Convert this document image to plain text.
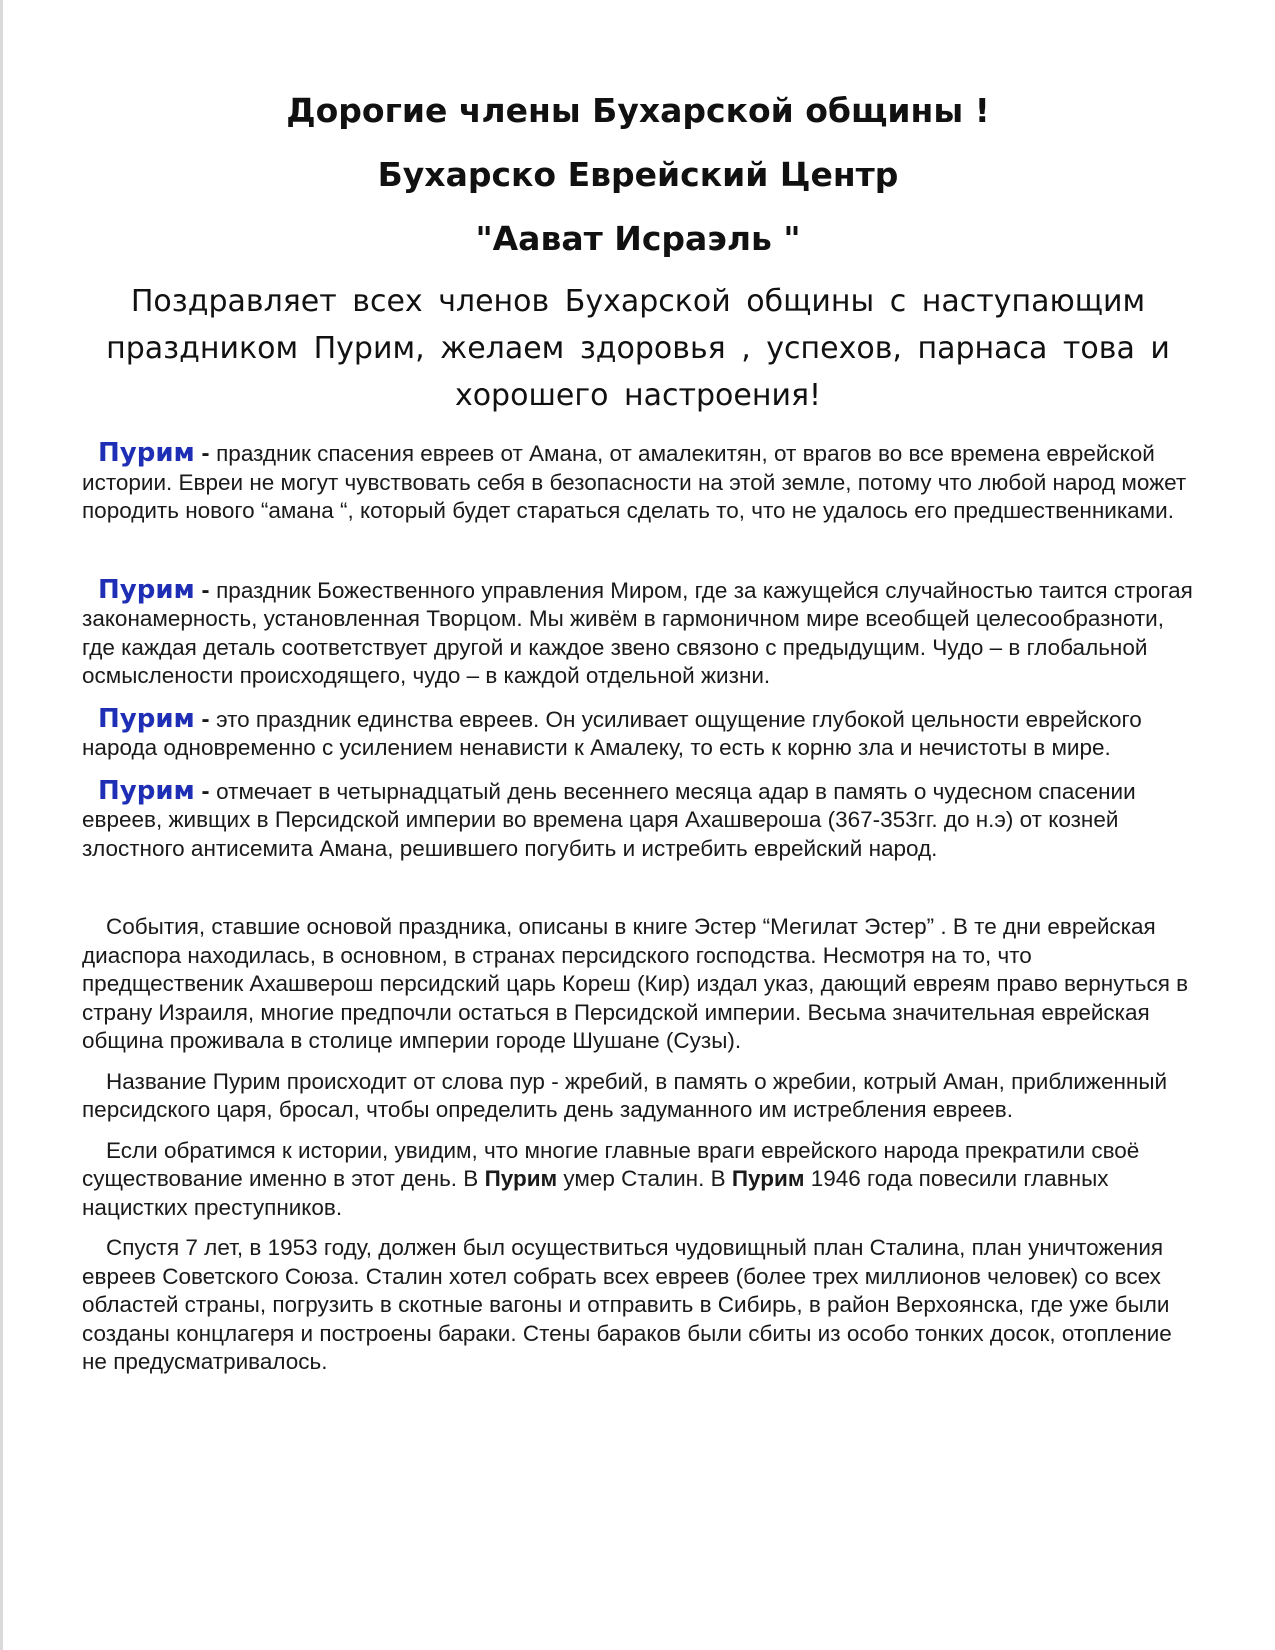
Дорогие члены Бухарской общины !
Бухарско Еврейский Центр
"Аават Исраэль "

Поздравляет всех членов Бухарской общины с наступающим праздником Пурим, желаем здоровья , успехов, парнаса това и хорошего настроения!

Пурим - праздник спасения евреев от Амана, от амалекитян, от врагов во все времена еврейской истории. Евреи не могут чувствовать себя в безопасности на этой земле, потому что любой народ может породить нового “амана “, который будет стараться сделать то, что не удалось его предшественниками.

Пурим - праздник Божественного управления Миром, где за кажущейся случайностью таится строгая законамерность, установленная Творцом. Мы живём в гармоничном мире всеобщей целесообразноти, где каждая деталь соответствует другой и каждое звено связоно с предыдущим. Чудо – в глобальной осмысленоcти происходящего, чудо – в каждой отдельной жизни.

Пурим - это праздник единства евреев. Он усиливает ощущение глубокой цельности еврейского народа одновременно с усилением ненависти к Амалеку, то есть к корню зла и нечистоты в мире.

Пурим - отмечает в четырнадцатый день весеннего месяца адар в память о чудесном спасении евреев, живщих в Персидской империи во времена царя Ахашвероша (367-353гг. до н.э) от козней злостного антисемита Амана, решившего погубить и истребить еврейский народ.

События, ставшие основой праздника, описаны в книге Эстер “Мегилат Эстер” . В те дни еврейская диаспора находилась, в основном, в странах персидского господства. Несмотря на то, что предщественик Ахашверош персидский царь Кореш (Кир) издал указ, дающий евреям право вернуться в страну Израиля, многие предпочли остаться в Персидской империи. Весьма значительная еврейская община проживала в столице империи городе Шушане (Сузы).

Название Пурим происходит от слова пур - жребий, в память о жребии, котрый Аман, приближенный персидского царя, бросал, чтобы определить день задуманного им истребления евреев.

Если обратимся к истории, увидим, что многие главные враги еврейского народа прекратили своё существование именно в этот день. В Пурим умер Сталин. В Пурим 1946 года повесили главных нацистких преступников.

Спустя 7 лет, в 1953 году, должен был осуществиться чудовищный план Сталина, план уничтожения евреев Советского Союза. Сталин хотел собрать всех евреев (более трех миллионов человек) со всех областей страны, погрузить в скотные вагоны и отправить в Сибирь, в район Верхоянска, где уже были созданы концлагеря и построены бараки. Стены бараков были сбиты из особо тонких досок, отопление не предусматривалось.
